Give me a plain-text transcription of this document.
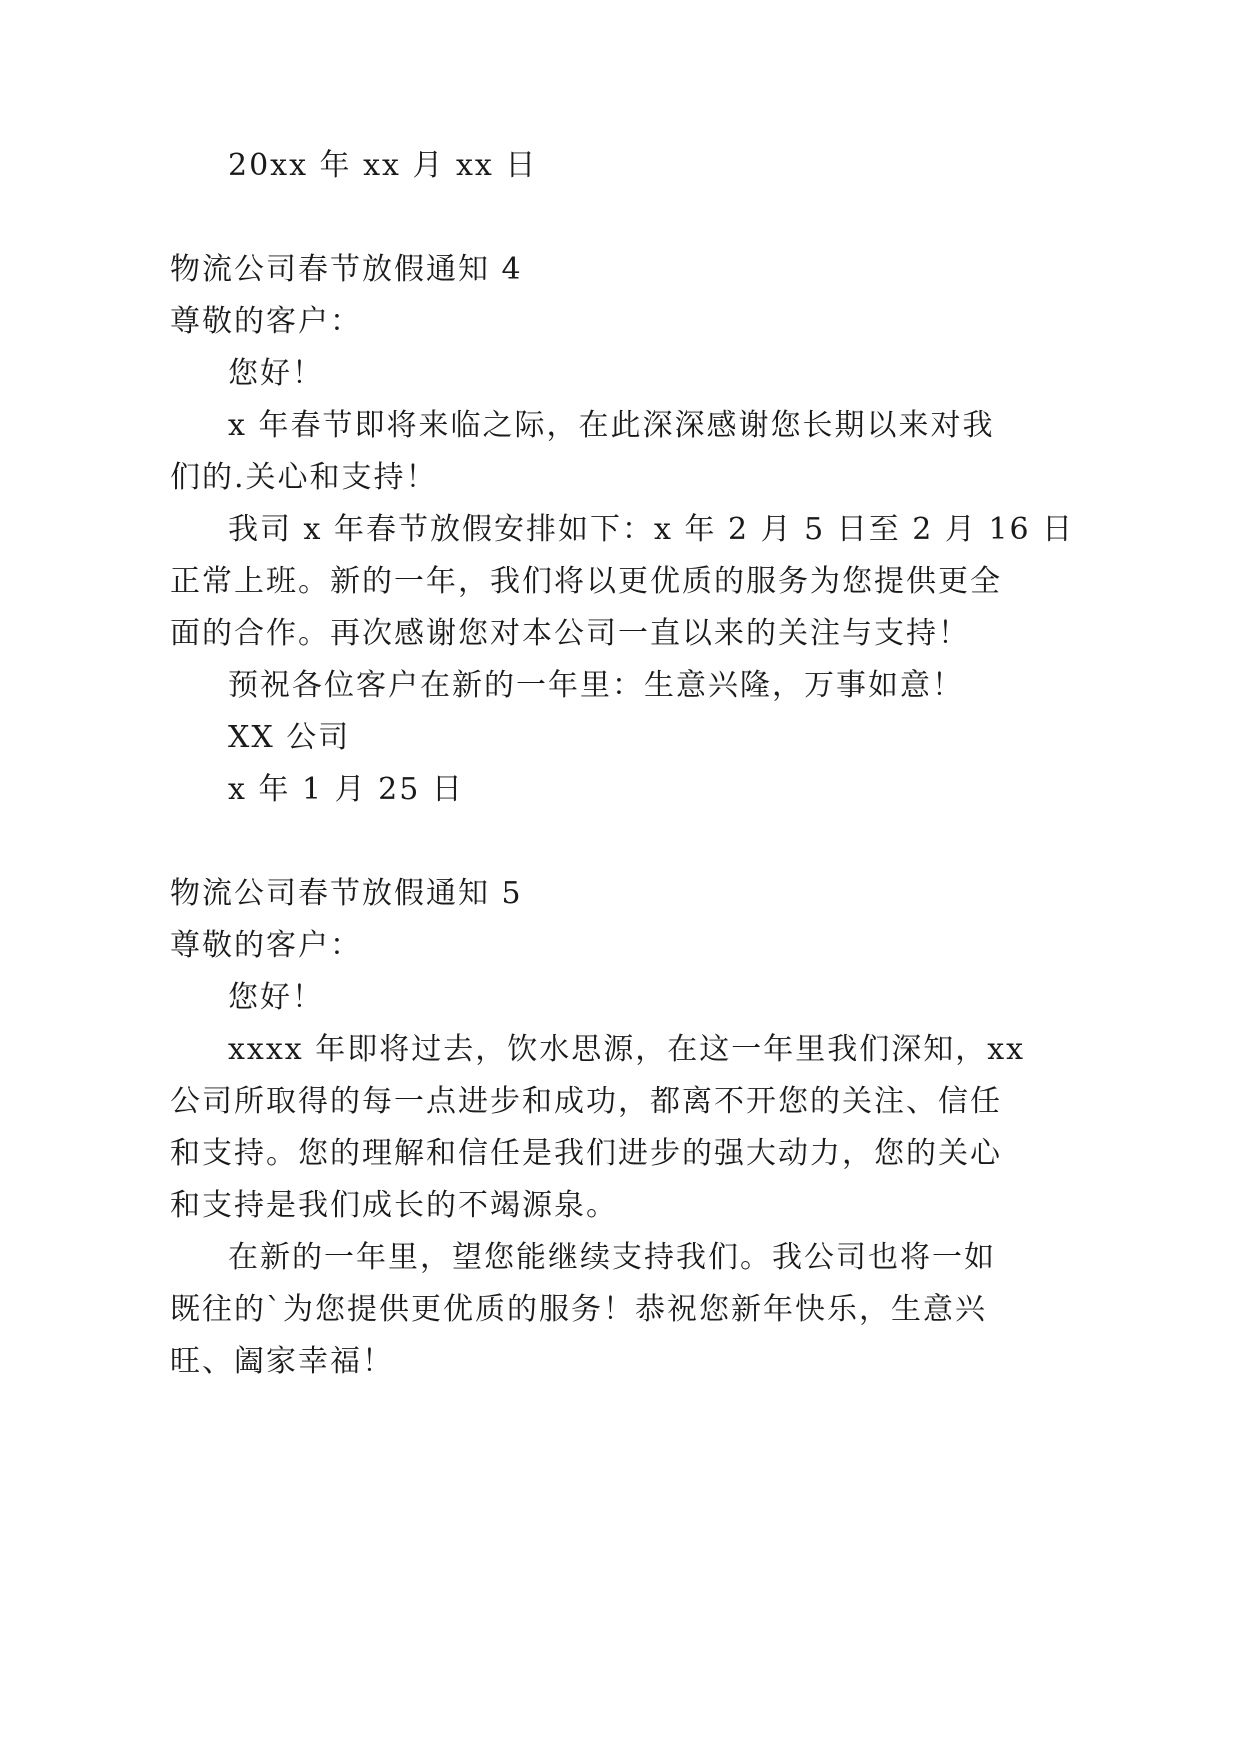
20xx 年 xx 月 xx 日
物流公司春节放假通知 4
尊敬的客户：
您好！
x 年春节即将来临之际，在此深深感谢您长期以来对我
们的.关心和支持！
我司 x 年春节放假安排如下：x 年 2 月 5 日至 2 月 16 日
正常上班。新的一年，我们将以更优质的服务为您提供更全
面的合作。再次感谢您对本公司一直以来的关注与支持！
预祝各位客户在新的一年里：生意兴隆，万事如意！
XX 公司
x 年 1 月 25 日
物流公司春节放假通知 5
尊敬的客户：
您好！
xxxx 年即将过去，饮水思源，在这一年里我们深知，xx
公司所取得的每一点进步和成功，都离不开您的关注、信任
和支持。您的理解和信任是我们进步的强大动力，您的关心
和支持是我们成长的不竭源泉。
在新的一年里，望您能继续支持我们。我公司也将一如
既往的`为您提供更优质的服务！恭祝您新年快乐，生意兴
旺、阖家幸福！
